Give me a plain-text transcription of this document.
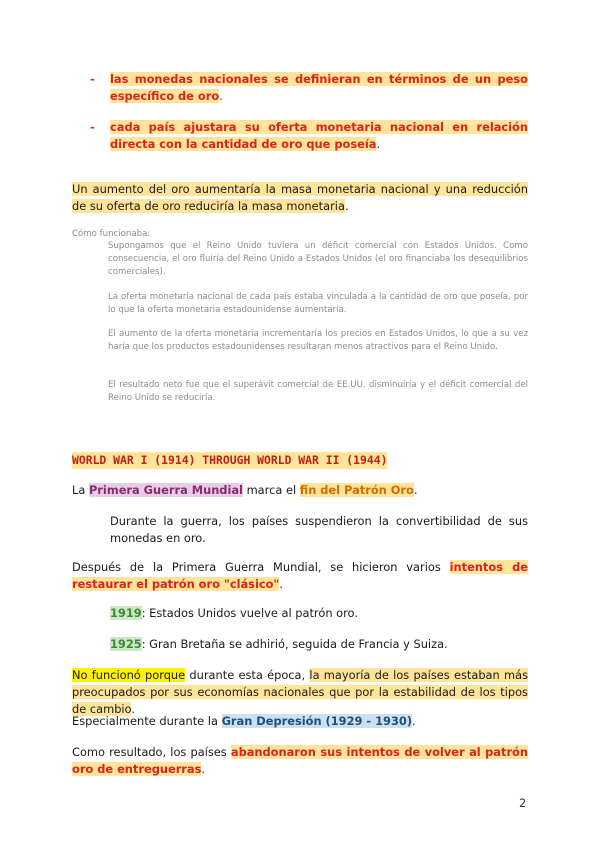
- las monedas nacionales se definieran en términos de un peso específico de oro.
- cada país ajustara su oferta monetaria nacional en relación directa con la cantidad de oro que poseía.
Un aumento del oro aumentaría la masa monetaria nacional y una reducción de su oferta de oro reduciría la masa monetaria.
Cómo funcionaba:
Supongamos que el Reino Unido tuviera un déficit comercial con Estados Unidos. Como consecuencia, el oro fluiría del Reino Unido a Estados Unidos (el oro financiaba los desequilibrios comerciales).
La oferta monetaria nacional de cada país estaba vinculada a la cantidad de oro que poseía, por lo que la oferta monetaria estadounidense aumentaría.
El aumento de la oferta monetaria incrementaría los precios en Estados Unidos, lo que a su vez haría que los productos estadounidenses resultaran menos atractivos para el Reino Unido.
El resultado neto fue que el superávit comercial de EE.UU. disminuiría y el déficit comercial del Reino Unido se reduciría.
WORLD WAR I (1914) THROUGH WORLD WAR II (1944)
La Primera Guerra Mundial marca el fin del Patrón Oro.
Durante la guerra, los países suspendieron la convertibilidad de sus monedas en oro.
Después de la Primera Guerra Mundial, se hicieron varios intentos de restaurar el patrón oro "clásico".
1919: Estados Unidos vuelve al patrón oro.
1925: Gran Bretaña se adhirió, seguida de Francia y Suiza.
No funcionó porque durante esta época, la mayoría de los países estaban más preocupados por sus economías nacionales que por la estabilidad de los tipos de cambio.
Especialmente durante la Gran Depresión (1929 - 1930).
Como resultado, los países abandonaron sus intentos de volver al patrón oro de entreguerras.
2
